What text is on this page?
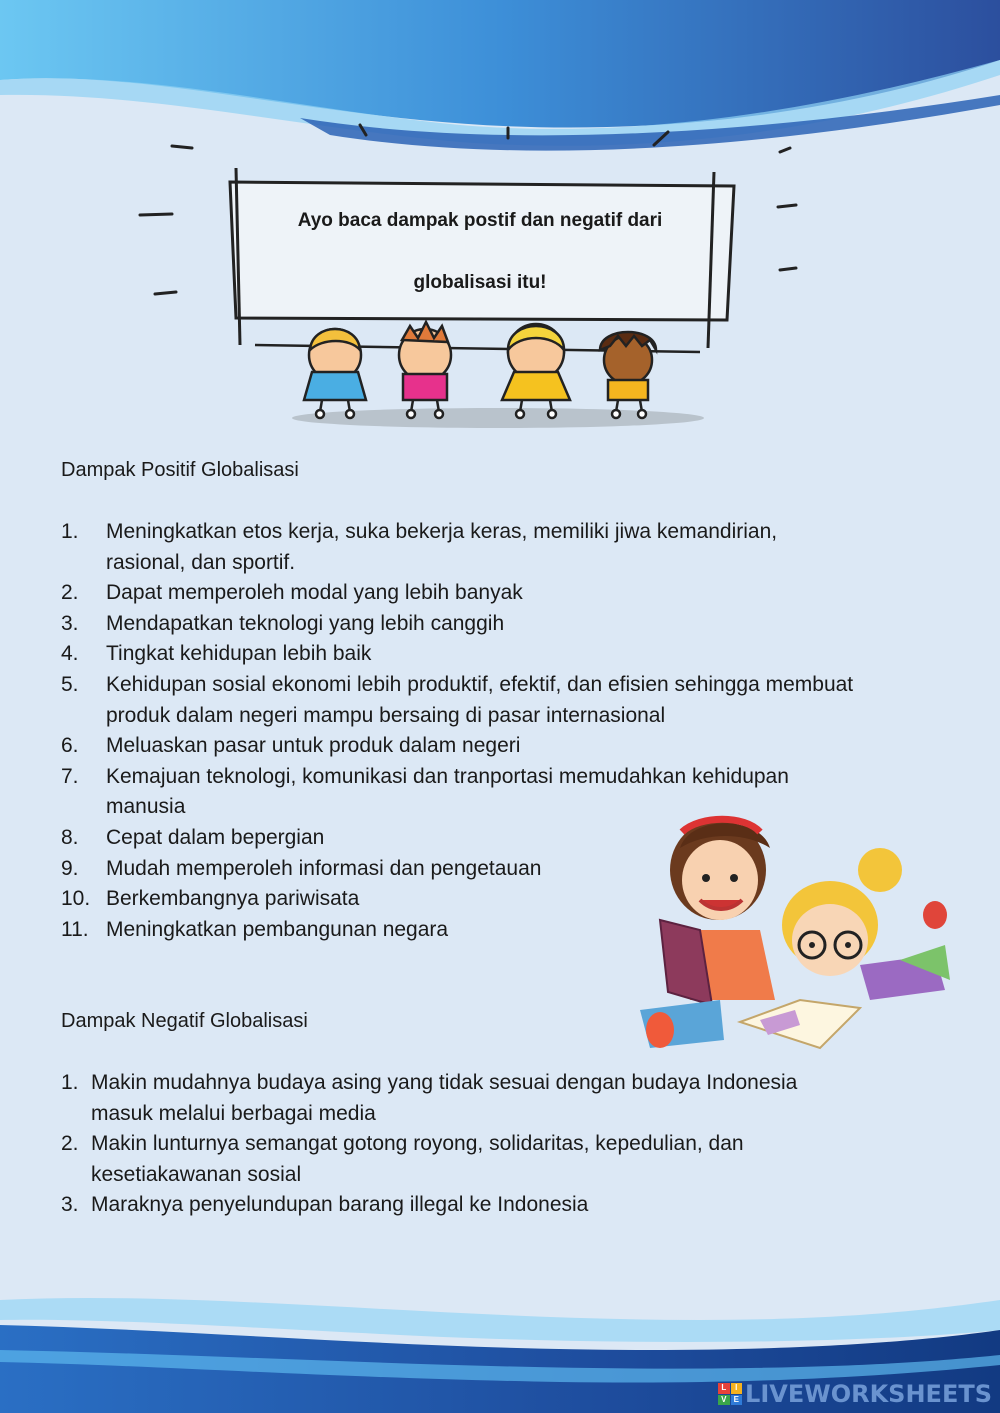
Ayo baca dampak postif dan negatif dari
globalisasi itu!
Dampak Positif Globalisasi
1. Meningkatkan etos kerja, suka bekerja keras, memiliki jiwa kemandirian, rasional, dan sportif.
2. Dapat memperoleh modal yang lebih banyak
3. Mendapatkan teknologi yang lebih canggih
4. Tingkat kehidupan lebih baik
5. Kehidupan sosial ekonomi lebih produktif, efektif, dan efisien sehingga membuat produk dalam negeri mampu bersaing di pasar internasional
6. Meluaskan pasar untuk produk dalam negeri
7. Kemajuan teknologi, komunikasi dan tranportasi memudahkan kehidupan manusia
8. Cepat dalam bepergian
9. Mudah memperoleh informasi dan pengetauan
10. Berkembangnya pariwisata
11. Meningkatkan pembangunan negara
Dampak Negatif Globalisasi
1. Makin mudahnya budaya asing yang tidak sesuai dengan budaya Indonesia masuk melalui berbagai media
2. Makin lunturnya semangat gotong royong, solidaritas, kepedulian, dan kesetiakawanan sosial
3. Maraknya penyelundupan barang illegal ke Indonesia
L	I
V E LIVEWORKSHEETS
